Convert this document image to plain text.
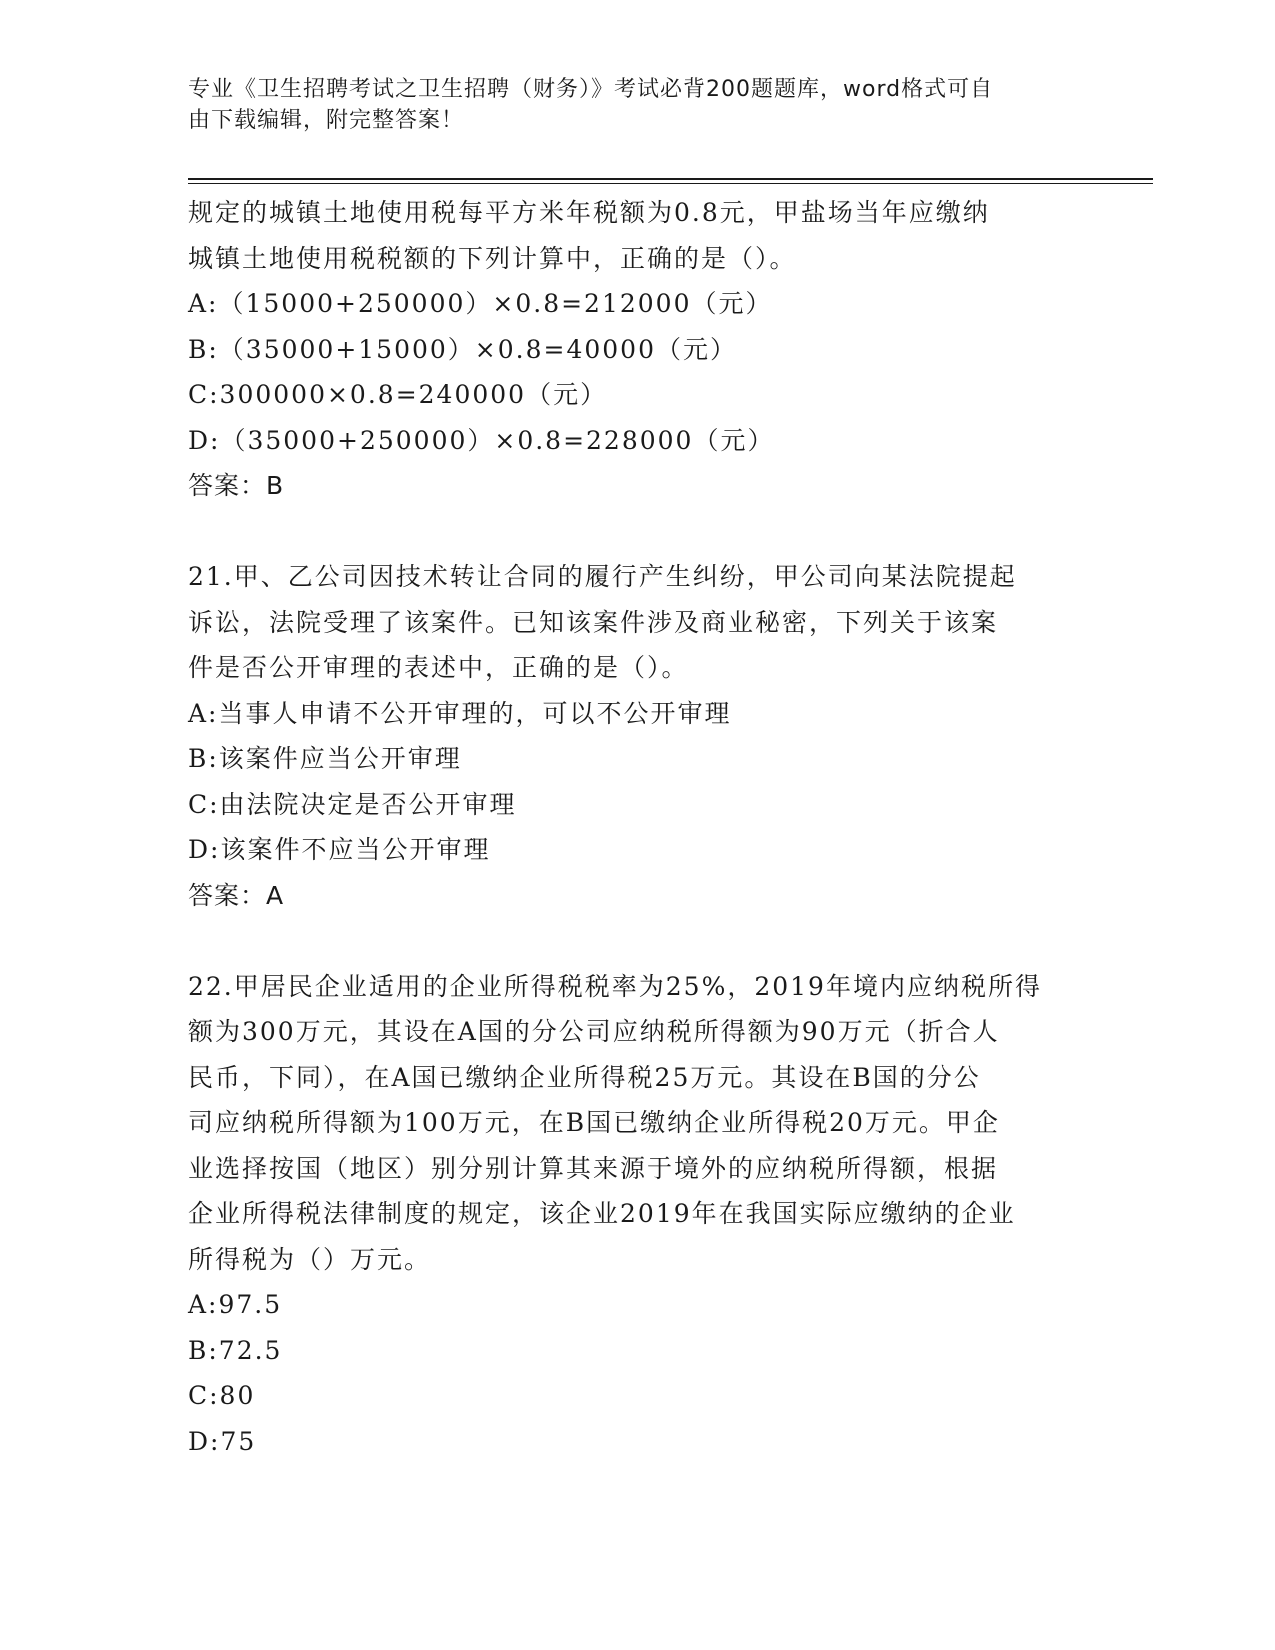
专业《卫生招聘考试之卫生招聘（财务）》考试必背200题题库，word格式可自
由下载编辑，附完整答案！
规定的城镇土地使用税每平方米年税额为0.8元，甲盐场当年应缴纳
城镇土地使用税税额的下列计算中，正确的是（）。
A:（15000+250000）×0.8=212000（元）
B:（35000+15000）×0.8=40000（元）
C:300000×0.8=240000（元）
D:（35000+250000）×0.8=228000（元）
答案：B
21.甲、乙公司因技术转让合同的履行产生纠纷，甲公司向某法院提起
诉讼，法院受理了该案件。已知该案件涉及商业秘密，下列关于该案
件是否公开审理的表述中，正确的是（）。
A:当事人申请不公开审理的，可以不公开审理
B:该案件应当公开审理
C:由法院决定是否公开审理
D:该案件不应当公开审理
答案：A
22.甲居民企业适用的企业所得税税率为25%，2019年境内应纳税所得
额为300万元，其设在A国的分公司应纳税所得额为90万元（折合人
民币，下同），在A国已缴纳企业所得税25万元。其设在B国的分公
司应纳税所得额为100万元，在B国已缴纳企业所得税20万元。甲企
业选择按国（地区）别分别计算其来源于境外的应纳税所得额，根据
企业所得税法律制度的规定，该企业2019年在我国实际应缴纳的企业
所得税为（）万元。
A:97.5
B:72.5
C:80
D:75
